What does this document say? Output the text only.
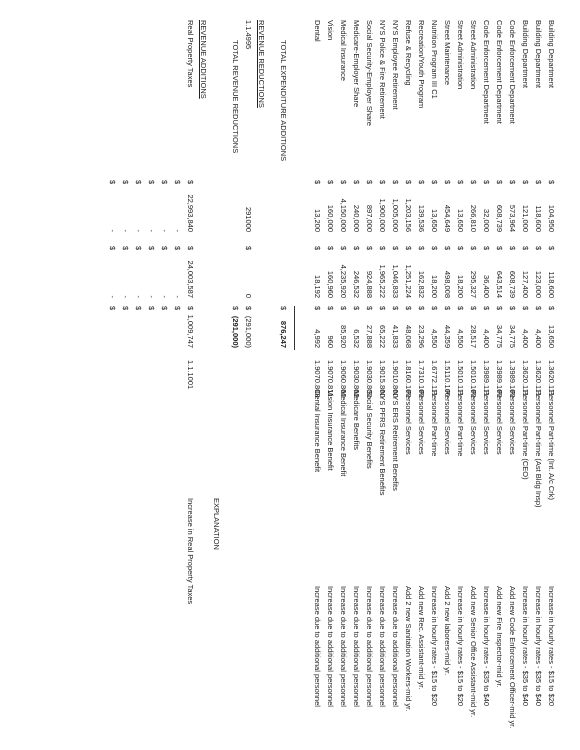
Building Department
$
104,950
$
118,600
$
13,650
1.3620.111
Personnel Part-time (Int. A/c Crk)
Increase in hourly rates - $15 to $20
Building Department
$
118,600
$
123,000
$
4,400
1.3620.111
Personnel Part-time (Ast Bldg Insp)
Increase in hourly rates - $35 to $40
Building Department
$
121,000
$
127,400
$
4,400
1.3620.111
Personnel Part-time (CEO)
Increase in hourly rates - $35 to $40
Code Enforcement Department
$
573,964
$
608,739
$
34,775
1.3989.100
Personnel Services
Add new Code Enforcement Officer-mid yr.
Code Enforcement Department
$
608,739
$
643,514
$
34,775
1.3989.100
Personnel Services
Add new Fire Inspector-mid yr.
Code Enforcement Department
$
32,000
$
36,400
$
4,400
1.3989.111
Personnel Services
Increase in hourly rates - $35 to $40
Street Administration
$
266,810
$
295,327
$
28,517
1.5010.100
Personnel Services
Add new Senior Office Assistant-mid yr.
Street Administration
$
13,650
$
18,200
$
4,550
1.5010.111
Personnel Part-time
Increase in hourly rates - $15 to $20
Street Maintenance
$
454,649
$
498,008
$
44,359
1.5110.100
Personnel Services
Add 2 new laborers-mid yr.
Nutrition Program III C1
$
13,650
$
18,200
$
4,550
1.6772.111
Personnel Part-time
Increase in hourly rates - $15 to $20
Recreation/Youth Program
$
139,536
$
162,832
$
23,296
1.7310.100
Personnel Services
Add new Rec. Assistant-mid yr.
Refuse & Recycling
$
1,203,156
$
1,251,224
$
48,068
1.8160.100
Personnel Services
Add 2 new Sanitation Workers-mid yr.
NYS Employee Retirement
$
1,005,000
$
1,046,833
$
41,833
1.9010.800
NYS ERS Retirement Benefits
Increase due to additional personnel
NYS Police & Fire Retirement
$
1,900,000
$
1,965,222
$
65,222
1.9015.800
NYS PFRS Retirement Benefits
Increase due to additional personnel
Social Security-Employer Share
$
897,000
$
924,888
$
27,888
1.9030.800
Social Security Benefits
Increase due to additional personnel
Medicare-Employer Share
$
240,000
$
246,532
$
6,532
1.9030.802
Medicare Benefits
Increase due to additional personnel
Medical Insurance
$
4,150,000
$
4,235,920
$
85,920
1.9060.800
Medical Insurance Benefit
Increase due to additional personnel
Vision
$
160,000
$
160,960
$
960
1.9070.811
Vision Insurance Benefit
Increase due to additional personnel
Dental
$
13,200
$
18,192
$
4,992
1.9070.808
Dental Insurance Benefit
Increase due to additional personnel
TOTAL EXPENDITURE ADDITIONS
$
876,247
REVENUE REDUCTIONS
1.1.4995
291000
$
0
$
(291,000)
TOTAL REVENUE REDUCTIONS
$
(291,000)
EXPLANATION
REVENUE ADDITIONS
Real Property Taxes
$
22,993,840
$
24,003,587
$
1,009,747
1.1.1001
Increase in Real Property Taxes
$
-
$
-
$
$
-
$
-
$
$
-
$
-
$
$
-
$
-
$
$
-
$
-
$
$
-
$
-
$
